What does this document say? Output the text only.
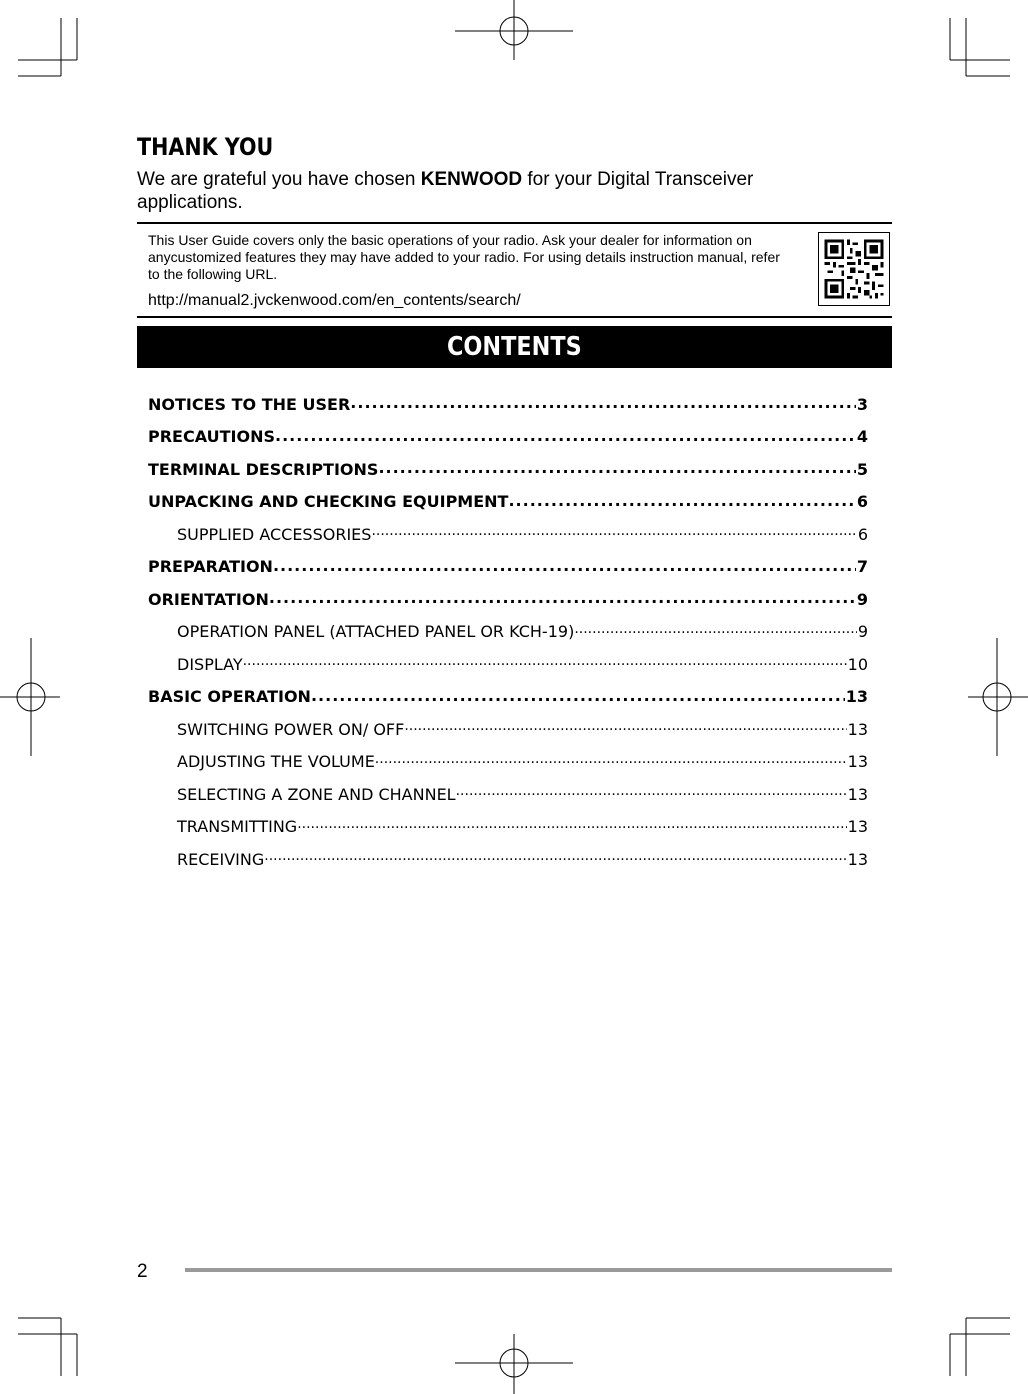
THANK YOU
We are grateful you have chosen KENWOOD for your Digital Transceiver applications.
This User Guide covers only the basic operations of your radio. Ask your dealer for information on anycustomized features they may have added to your radio. For using details instruction manual, refer to the following URL.
http://manual2.jvckenwood.com/en_contents/search/
CONTENTS
NOTICES TO THE USER .....	3
PRECAUTIONS .....	4
TERMINAL DESCRIPTIONS .....	5
UNPACKING AND CHECKING EQUIPMENT .....	6
SUPPLIED ACCESSORIES .....	6
PREPARATION .....	7
ORIENTATION .....	9
OPERATION PANEL (ATTACHED PANEL OR KCH-19) .....	9
DISPLAY .....	10
BASIC OPERATION .....	13
SWITCHING POWER ON/ OFF .....	13
ADJUSTING THE VOLUME .....	13
SELECTING A ZONE AND CHANNEL .....	13
TRANSMITTING .....	13
RECEIVING .....	13
2
